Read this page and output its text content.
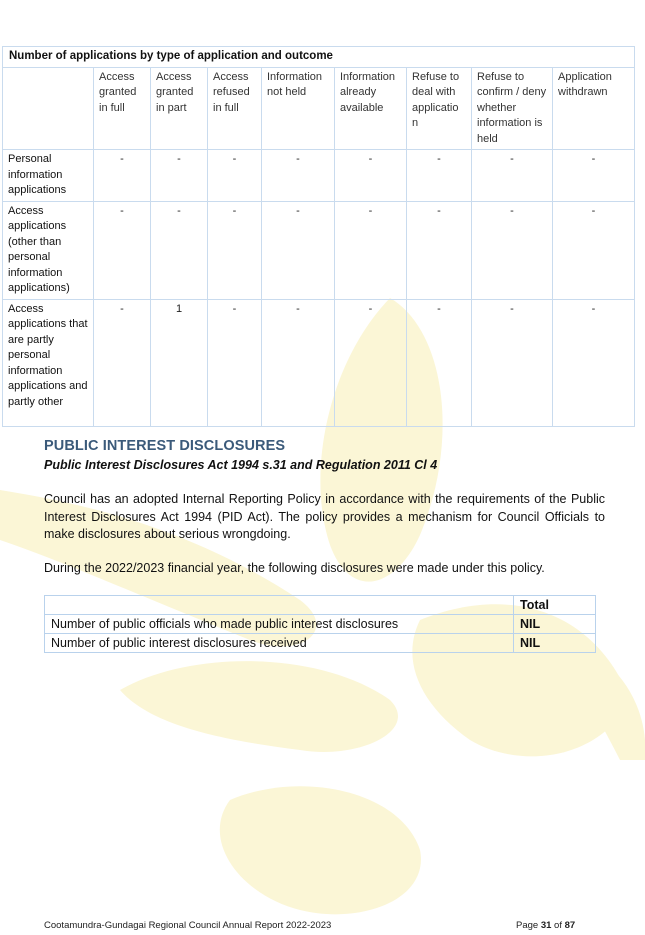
Number of applications by type of application and outcome								
	Access granted in full	Access granted in part	Access refused in full	Information not held	Information already available	Refuse to deal with applicatio n	Refuse to confirm / deny whether information is held	Application withdrawn
Personal information applications	-	-	-	-	-	-	-	-
Access applications (other than personal information applications)	-	-	-	-	-	-	-	-
Access applications that are partly personal information applications and partly other	-	1	-	-	-	-	-	-
PUBLIC INTEREST DISCLOSURES

Public Interest Disclosures Act 1994 s.31 and Regulation 2011 Cl 4

Council has an adopted Internal Reporting Policy in accordance with the requirements of the Public Interest Disclosures Act 1994 (PID Act). The policy provides a mechanism for Council Officials to make disclosures about serious wrongdoing.

During the 2022/2023 financial year, the following disclosures were made under this policy.

	Total
Number of public officials who made public interest disclosures	NIL
Number of public interest disclosures received	NIL
Cootamundra-Gundagai Regional Council Annual Report 2022-2023	Page 31 of 87
